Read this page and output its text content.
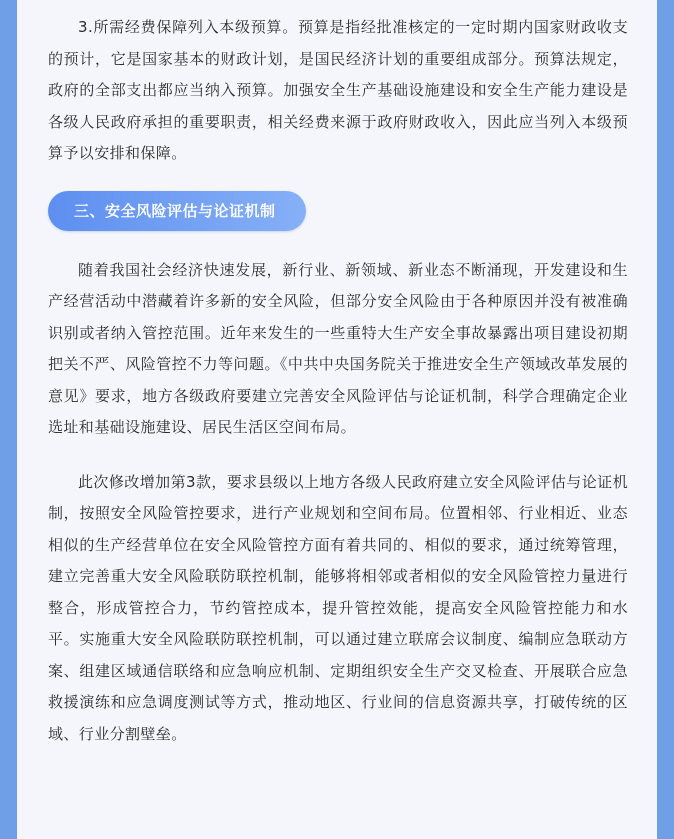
3.所需经费保障列入本级预算。预算是指经批准核定的一定时期内国家财政收支的预计，它是国家基本的财政计划，是国民经济计划的重要组成部分。预算法规定，政府的全部支出都应当纳入预算。加强安全生产基础设施建设和安全生产能力建设是各级人民政府承担的重要职责，相关经费来源于政府财政收入，因此应当列入本级预算予以安排和保障。

三、安全风险评估与论证机制

随着我国社会经济快速发展，新行业、新领域、新业态不断涌现，开发建设和生产经营活动中潜藏着许多新的安全风险，但部分安全风险由于各种原因并没有被准确识别或者纳入管控范围。近年来发生的一些重特大生产安全事故暴露出项目建设初期把关不严、风险管控不力等问题。《中共中央国务院关于推进安全生产领域改革发展的意见》要求，地方各级政府要建立完善安全风险评估与论证机制，科学合理确定企业选址和基础设施建设、居民生活区空间布局。

此次修改增加第3款，要求县级以上地方各级人民政府建立安全风险评估与论证机制，按照安全风险管控要求，进行产业规划和空间布局。位置相邻、行业相近、业态相似的生产经营单位在安全风险管控方面有着共同的、相似的要求，通过统筹管理，建立完善重大安全风险联防联控机制，能够将相邻或者相似的安全风险管控力量进行整合，形成管控合力，节约管控成本，提升管控效能，提高安全风险管控能力和水平。实施重大安全风险联防联控机制，可以通过建立联席会议制度、编制应急联动方案、组建区域通信联络和应急响应机制、定期组织安全生产交叉检查、开展联合应急救援演练和应急调度测试等方式，推动地区、行业间的信息资源共享，打破传统的区域、行业分割壁垒。
